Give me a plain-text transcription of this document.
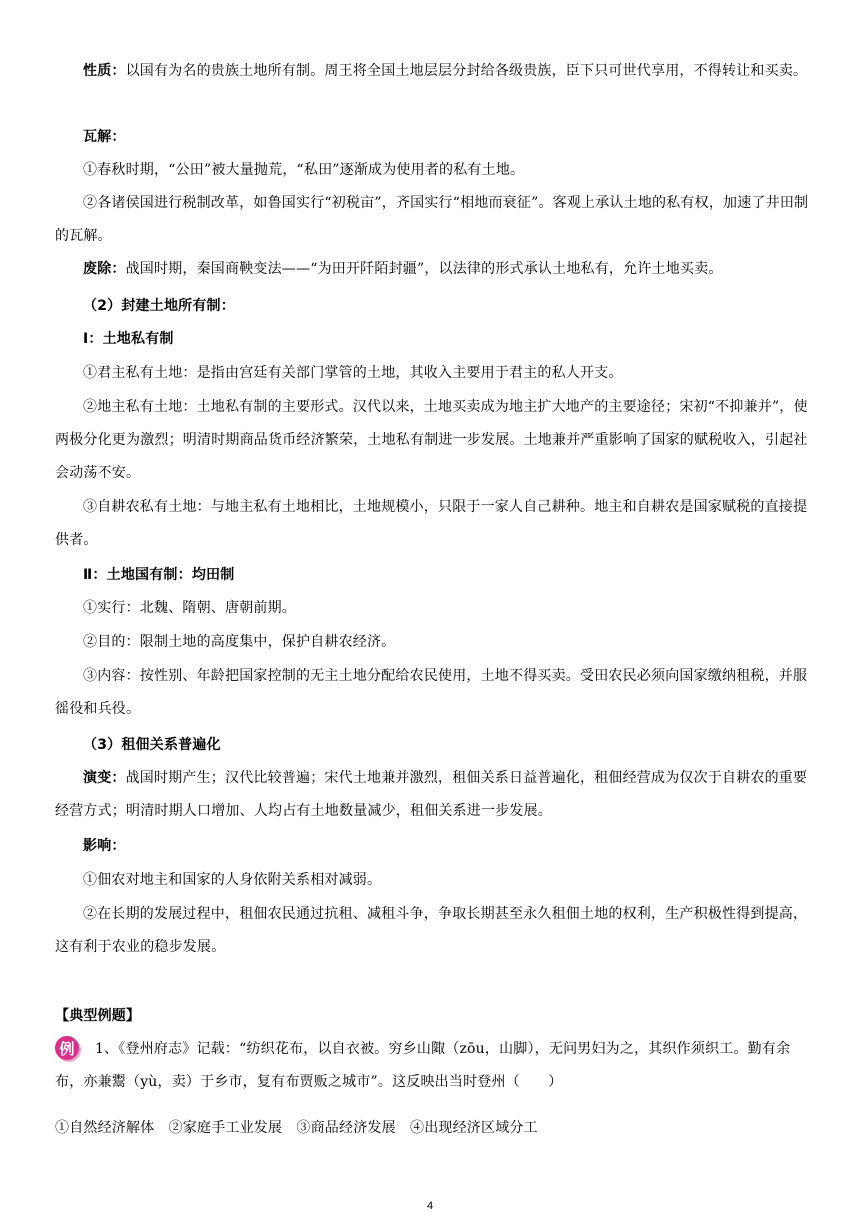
性质：以国有为名的贵族土地所有制。周王将全国土地层层分封给各级贵族，臣下只可世代享用，不得转让和买卖。

瓦解：

①春秋时期，“公田”被大量抛荒，“私田”逐渐成为使用者的私有土地。

②各诸侯国进行税制改革，如鲁国实行“初税亩”，齐国实行“相地而衰征”。客观上承认土地的私有权，加速了井田制的瓦解。

废除：战国时期，秦国商鞅变法——“为田开阡陌封疆”，以法律的形式承认土地私有，允许土地买卖。

（2）封建土地所有制：

Ⅰ：土地私有制

①君主私有土地：是指由宫廷有关部门掌管的土地，其收入主要用于君主的私人开支。

②地主私有土地：土地私有制的主要形式。汉代以来，土地买卖成为地主扩大地产的主要途径；宋初“不抑兼并”，使两极分化更为激烈；明清时期商品货币经济繁荣，土地私有制进一步发展。土地兼并严重影响了国家的赋税收入，引起社会动荡不安。

③自耕农私有土地：与地主私有土地相比，土地规模小，只限于一家人自己耕种。地主和自耕农是国家赋税的直接提供者。

Ⅱ：土地国有制：均田制

①实行：北魏、隋朝、唐朝前期。

②目的：限制土地的高度集中，保护自耕农经济。

③内容：按性别、年龄把国家控制的无主土地分配给农民使用，土地不得买卖。受田农民必须向国家缴纳租税，并服徭役和兵役。

（3）租佃关系普遍化

演变：战国时期产生；汉代比较普遍；宋代土地兼并激烈，租佃关系日益普遍化，租佃经营成为仅次于自耕农的重要经营方式；明清时期人口增加、人均占有土地数量减少，租佃关系进一步发展。

影响：

①佃农对地主和国家的人身依附关系相对减弱。

②在长期的发展过程中，租佃农民通过抗租、减租斗争，争取长期甚至永久租佃土地的权利，生产积极性得到提高，这有利于农业的稳步发展。

【典型例题】

例	1、《登州府志》记载：“纺织花布，以自衣被。穷乡山陬（zōu，山脚），无问男妇为之，其织作须织工。勤有余布，亦兼鬻（yù，卖）于乡市，复有布贾贩之城市”。这反映出当时登州（　　）

①自然经济解体　②家庭手工业发展　③商品经济发展　④出现经济区域分工

4
